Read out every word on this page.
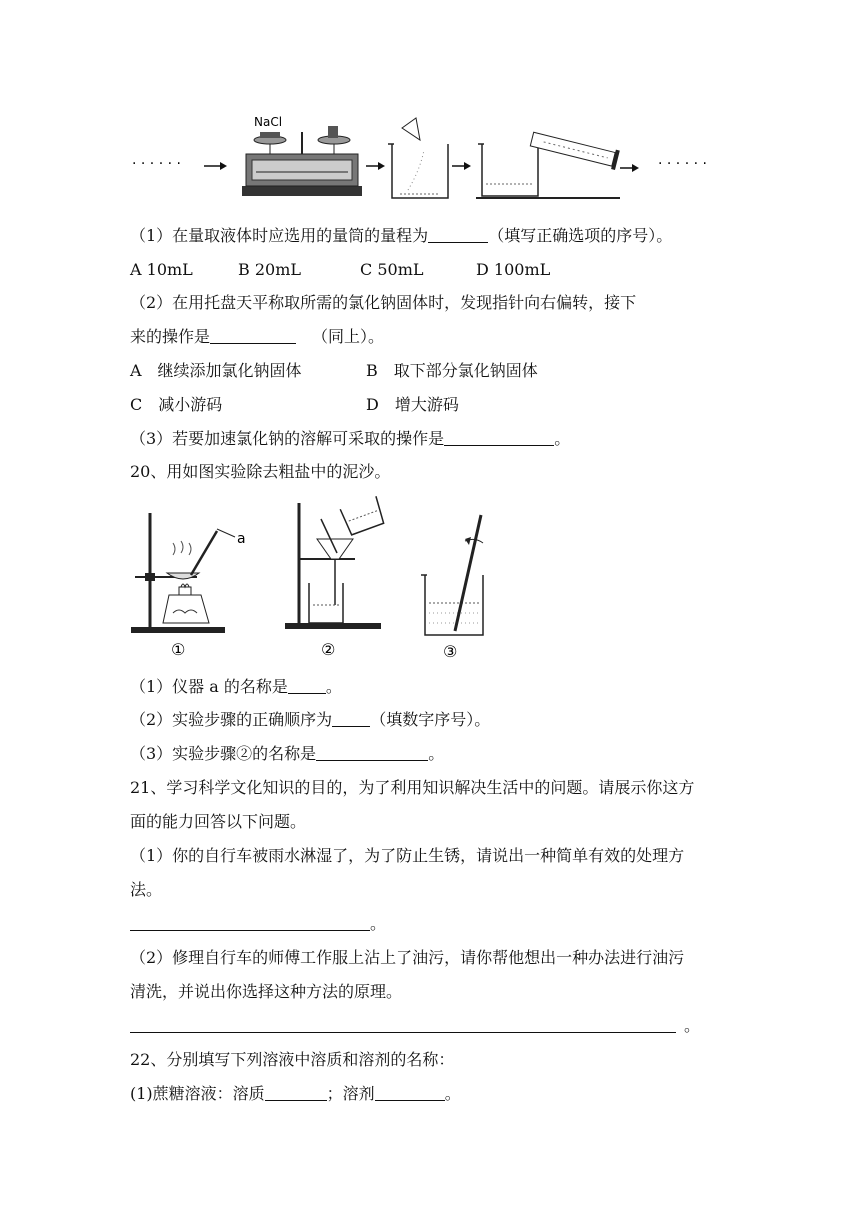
· · · · · ·
NaCl
· · · · · ·
（1）在量取液体时应选用的量筒的量程为	（填写正确选项的序号）。
A 10mL	B 20mL	C 50mL	D 100mL
（2）在用托盘天平称取所需的氯化钠固体时，发现指针向右偏转，接下
来的操作是	（同上）。
A　继续添加氯化钠固体	B　取下部分氯化钠固体
C　减小游码	D　增大游码
（3）若要加速氯化钠的溶解可采取的操作是	。
20、用如图实验除去粗盐中的泥沙。
a
①	②	③
（1）仪器 a 的名称是 。
（2）实验步骤的正确顺序为 （填数字序号）。
（3）实验步骤②的名称是	。
21、学习科学文化知识的目的，为了利用知识解决生活中的问题。请展示你这方
面的能力回答以下问题。
（1）你的自行车被雨水淋湿了，为了防止生锈，请说出一种简单有效的处理方
法。
。
（2）修理自行车的师傅工作服上沾上了油污，请你帮他想出一种办法进行油污
清洗，并说出你选择这种方法的原理。
。
22、分别填写下列溶液中溶质和溶剂的名称：
(1)蔗糖溶液：溶质	；溶剂	。
